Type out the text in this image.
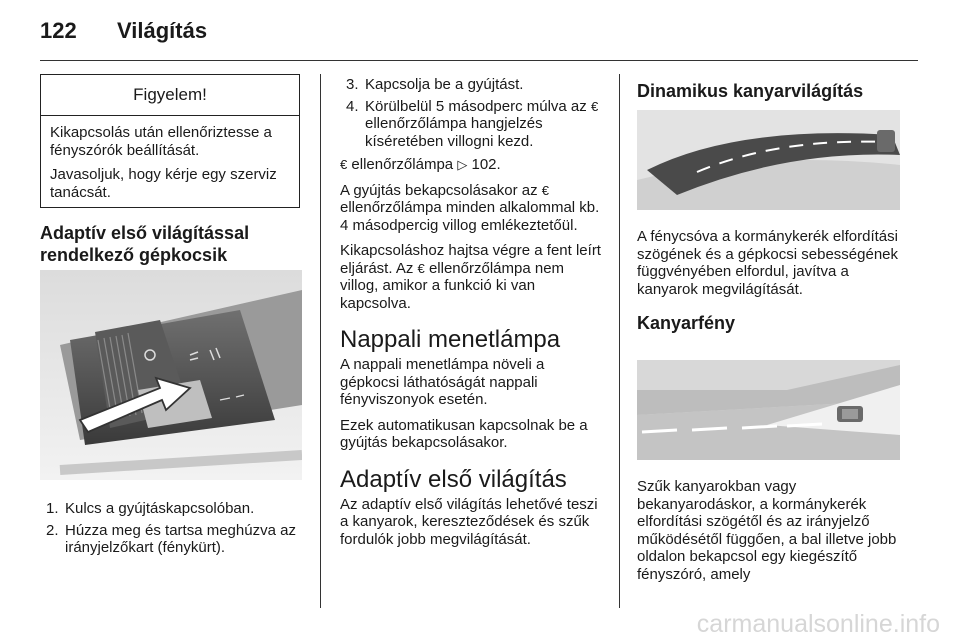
122 Világítás
Figyelem!

Kikapcsolás után ellenőriztesse a fényszórók beállítását.

Javasoljuk, hogy kérje egy szerviz tanácsát.

Adaptív első világítással rendelkező gépkocsik
1. Kulcs a gyújtáskapcsolóban.
2. Húzza meg és tartsa meghúzva az irányjelzőkart (fénykürt).
3. Kapcsolja be a gyújtást.
4. Körülbelül 5 másodperc múlva az € ellenőrzőlámpa hangjelzés kíséretében villogni kezd.

€ ellenőrzőlámpa ▷ 102.

A gyújtás bekapcsolásakor az € ellenőrzőlámpa minden alkalommal kb. 4 másodpercig villog emlékeztetőül.

Kikapcsoláshoz hajtsa végre a fent leírt eljárást. Az € ellenőrzőlámpa nem villog, amikor a funkció ki van kapcsolva.

Nappali menetlámpa

A nappali menetlámpa növeli a gépkocsi láthatóságát nappali fényviszonyok esetén.

Ezek automatikusan kapcsolnak be a gyújtás bekapcsolásakor.

Adaptív első világítás

Az adaptív első világítás lehetővé teszi a kanyarok, kereszteződések és szűk fordulók jobb megvilágítását.

Dinamikus kanyarvilágítás

A fénycsóva a kormánykerék elfordítási szögének és a gépkocsi sebességének függvényében elfordul, javítva a kanyarok megvilágítását.

Kanyarfény

Szűk kanyarokban vagy bekanyarodáskor, a kormánykerék elfordítási szögétől és az irányjelző működésétől függően, a bal illetve jobb oldalon bekapcsol egy kiegészítő fényszóró, amely

carmanualsonline.info
